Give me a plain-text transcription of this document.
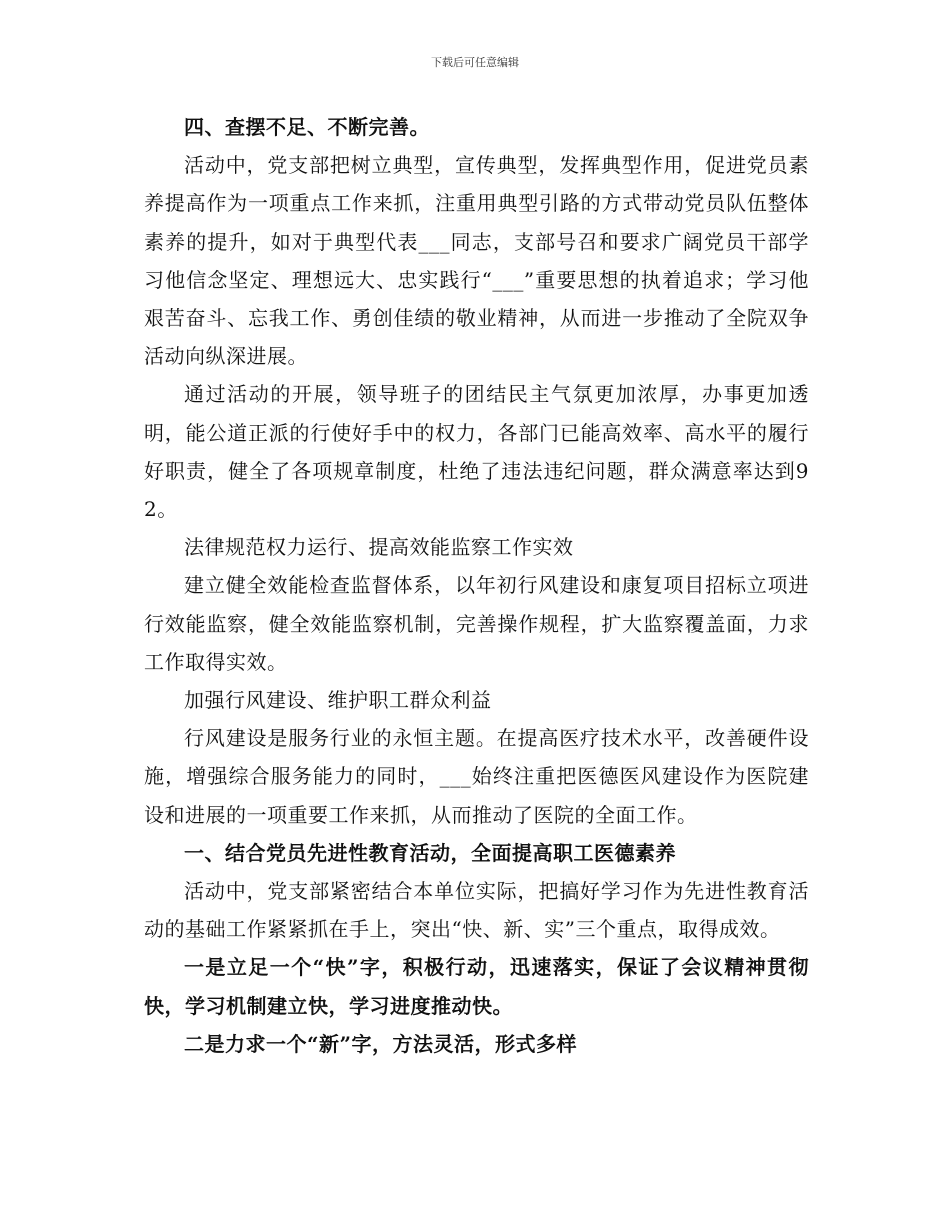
下载后可任意编辑

四、查摆不足、不断完善。

活动中，党支部把树立典型，宣传典型，发挥典型作用，促进党员素养提高作为一项重点工作来抓，注重用典型引路的方式带动党员队伍整体素养的提升，如对于典型代表___同志，支部号召和要求广阔党员干部学习他信念坚定、理想远大、忠实践行“___”重要思想的执着追求；学习他艰苦奋斗、忘我工作、勇创佳绩的敬业精神，从而进一步推动了全院双争活动向纵深进展。

通过活动的开展，领导班子的团结民主气氛更加浓厚，办事更加透明，能公道正派的行使好手中的权力，各部门已能高效率、高水平的履行好职责，健全了各项规章制度，杜绝了违法违纪问题，群众满意率达到92。

法律规范权力运行、提高效能监察工作实效

建立健全效能检查监督体系，以年初行风建设和康复项目招标立项进行效能监察，健全效能监察机制，完善操作规程，扩大监察覆盖面，力求工作取得实效。

加强行风建设、维护职工群众利益

行风建设是服务行业的永恒主题。在提高医疗技术水平，改善硬件设施，增强综合服务能力的同时，___始终注重把医德医风建设作为医院建设和进展的一项重要工作来抓，从而推动了医院的全面工作。

一、结合党员先进性教育活动，全面提高职工医德素养

活动中，党支部紧密结合本单位实际，把搞好学习作为先进性教育活动的基础工作紧紧抓在手上，突出“快、新、实”三个重点，取得成效。

一是立足一个“快”字，积极行动，迅速落实，保证了会议精神贯彻快，学习机制建立快，学习进度推动快。

二是力求一个“新”字，方法灵活，形式多样
